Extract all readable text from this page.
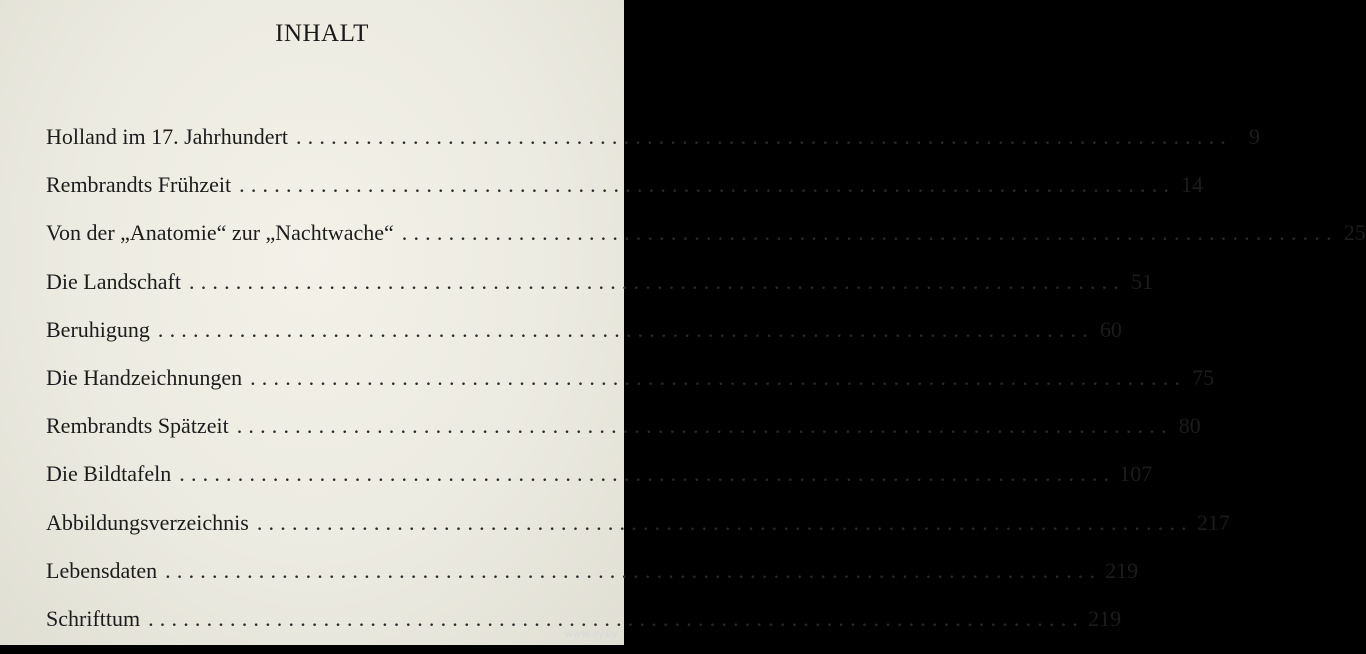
INHALT
Holland im 17. Jahrhundert ................................................................................ 9
Rembrandts Frühzeit ................................................................................ 14
Von der „Anatomie“ zur „Nachtwache“ ................................................................................ 25
Die Landschaft ................................................................................ 51
Beruhigung ................................................................................ 60
Die Handzeichnungen ................................................................................ 75
Rembrandts Spätzeit ................................................................................ 80
Die Bildtafeln ................................................................................ 107
Abbildungsverzeichnis ................................................................................ 217
Lebensdaten ................................................................................ 219
Schrifttum ................................................................................ 219
www.ay.by
